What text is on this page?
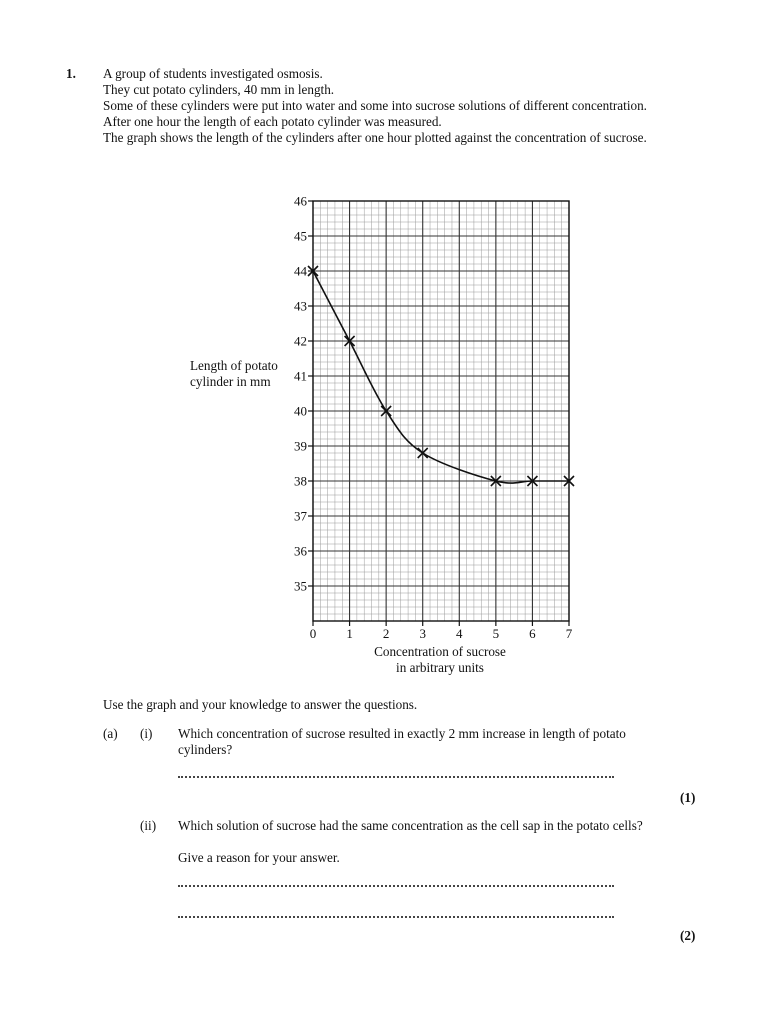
1. A group of students investigated osmosis.

They cut potato cylinders, 40 mm in length.

Some of these cylinders were put into water and some into sucrose solutions of different concentration.

After one hour the length of each potato cylinder was measured.

The graph shows the length of the cylinders after one hour plotted against the concentration of sucrose.

Length of potato
cylinder in mm
35
36
37
38
39
40
41
42
43
44
45
46
0 1 2 3 4 5 6 7
Concentration of sucrose
in arbitrary units
Use the graph and your knowledge to answer the questions.
(a) (i) Which concentration of sucrose resulted in exactly 2 mm increase in length of potato cylinders?
(1)
(ii) Which solution of sucrose had the same concentration as the cell sap in the potato cells?
Give a reason for your answer.
(2)
